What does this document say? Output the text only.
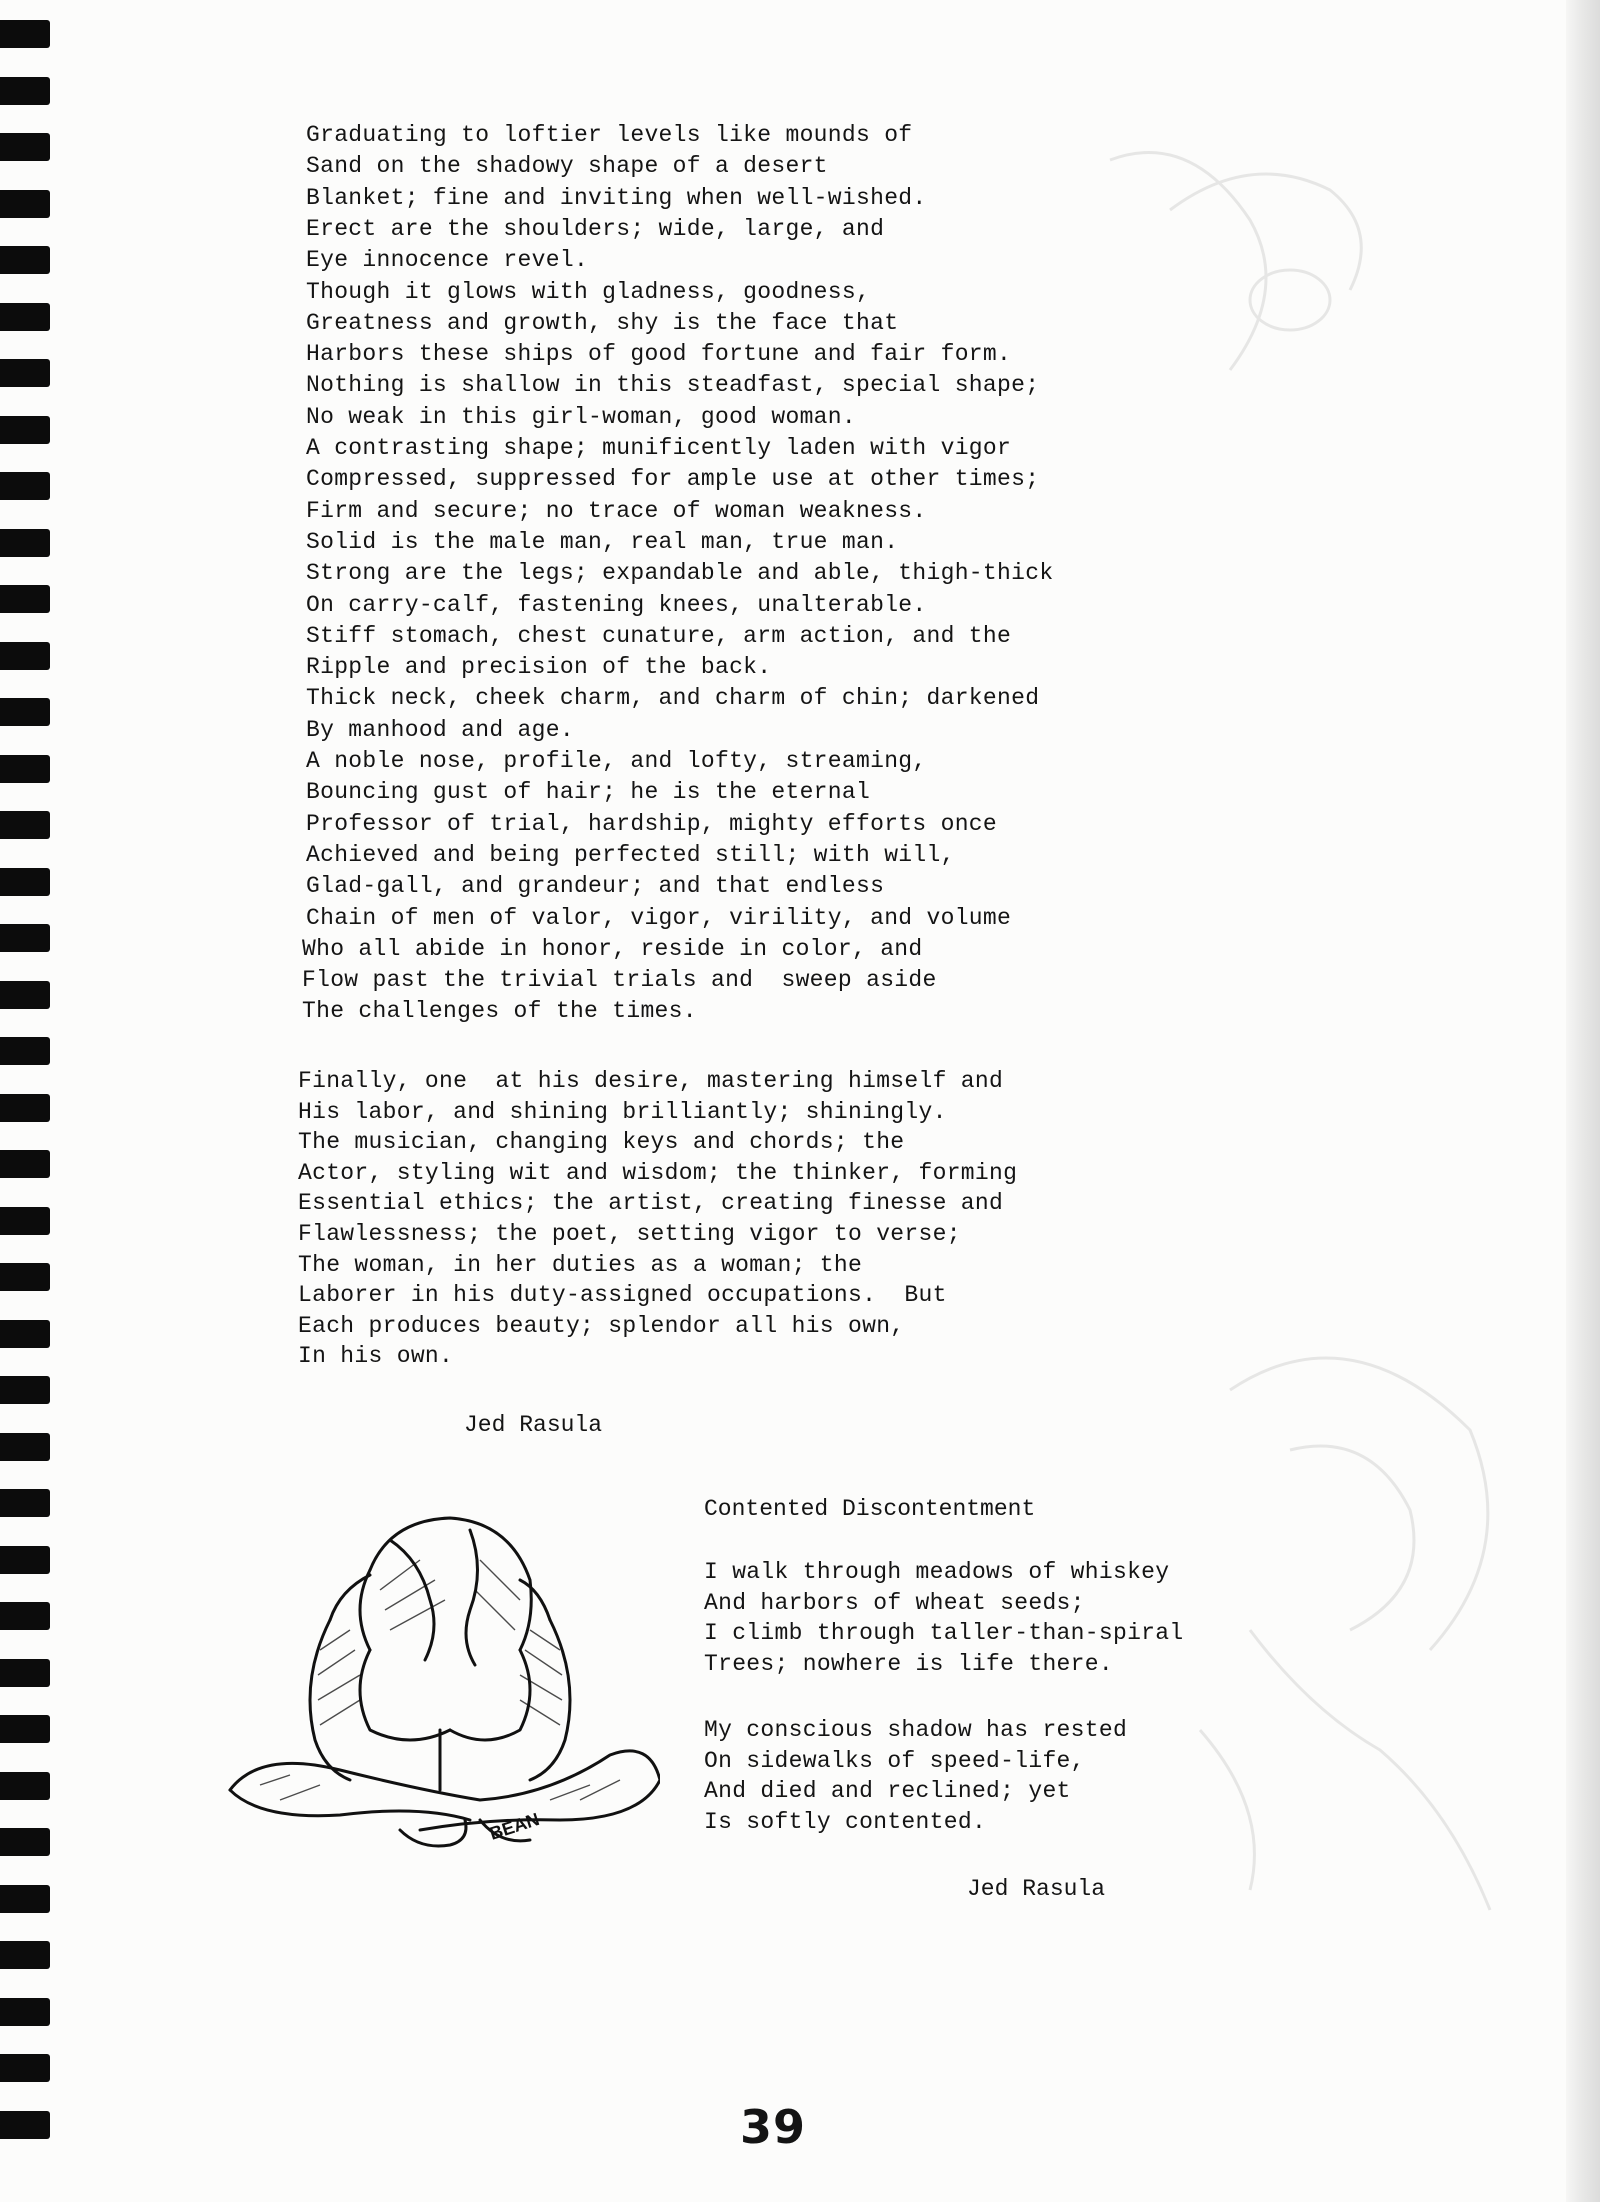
Graduating to loftier levels like mounds of
Sand on the shadowy shape of a desert
Blanket; fine and inviting when well-wished.
Erect are the shoulders; wide, large, and
Eye innocence revel.
Though it glows with gladness, goodness,
Greatness and growth, shy is the face that
Harbors these ships of good fortune and fair form.
Nothing is shallow in this steadfast, special shape;
No weak in this girl-woman, good woman.
A contrasting shape; munificently laden with vigor
Compressed, suppressed for ample use at other times;
Firm and secure; no trace of woman weakness.
Solid is the male man, real man, true man.
Strong are the legs; expandable and able, thigh-thick
On carry-calf, fastening knees, unalterable.
Stiff stomach, chest cunature, arm action, and the
Ripple and precision of the back.
Thick neck, cheek charm, and charm of chin; darkened
By manhood and age.
A noble nose, profile, and lofty, streaming,
Bouncing gust of hair; he is the eternal
Professor of trial, hardship, mighty efforts once
Achieved and being perfected still; with will,
Glad-gall, and grandeur; and that endless
Chain of men of valor, vigor, virility, and volume
Who all abide in honor, reside in color, and
Flow past the trivial trials and  sweep aside
The challenges of the times.
Finally, one  at his desire, mastering himself and
His labor, and shining brilliantly; shiningly.
The musician, changing keys and chords; the
Actor, styling wit and wisdom; the thinker, forming
Essential ethics; the artist, creating finesse and
Flawlessness; the poet, setting vigor to verse;
The woman, in her duties as a woman; the
Laborer in his duty-assigned occupations.  But
Each produces beauty; splendor all his own,
In his own.
Jed Rasula
Contented Discontentment
I walk through meadows of whiskey
And harbors of wheat seeds;
I climb through taller-than-spiral
Trees; nowhere is life there.
My conscious shadow has rested
On sidewalks of speed-life,
And died and reclined; yet
Is softly contented.
Jed Rasula
BEAN
39
